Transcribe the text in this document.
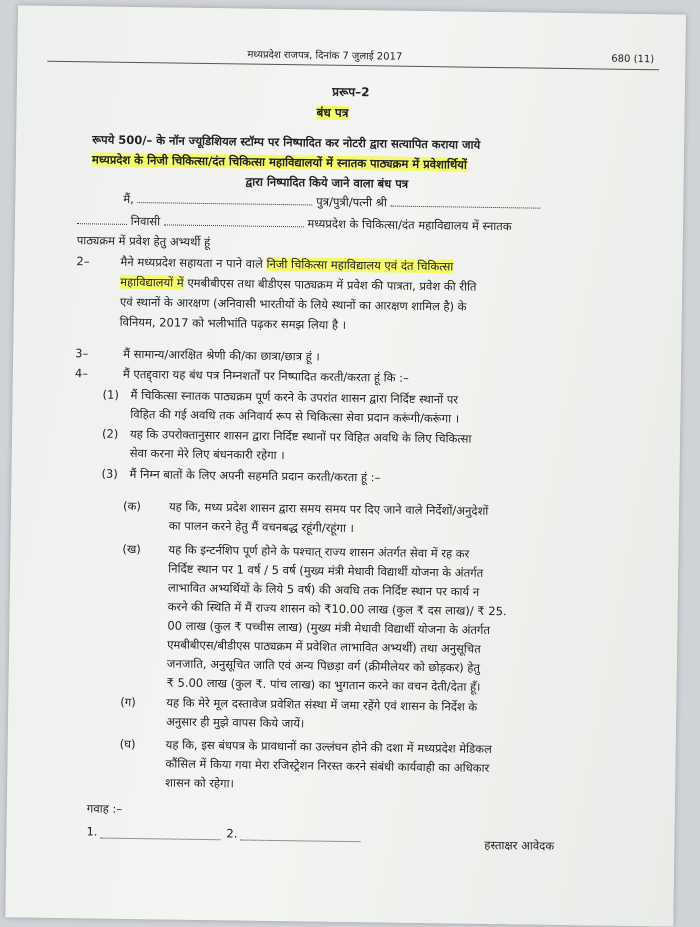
मध्यप्रदेश राजपत्र, दिनांक 7 जुलाई 2017	680 (11)
प्ररूप–2
बंध पत्र
रूपये 500/– के नॉन ज्यूडिशियल स्टॉम्प पर निष्पादित कर नोटरी द्वारा सत्यापित कराया जाये
मध्यप्रदेश के निजी चिकित्सा/दंत चिकित्सा महाविद्यालयों में स्नातक पाठ्यक्रम में प्रवेशार्थियों
द्वारा निष्पादित किये जाने वाला बंध पत्र
मैं,	पुत्र/पुत्री/पत्नी श्री
निवासी	मध्यप्रदेश के चिकित्सा/दंत महाविद्यालय में स्नातक
पाठ्यक्रम में प्रवेश हेतु अभ्यर्थी हूं
2–	मैने मध्यप्रदेश सहायता न पाने वाले निजी चिकित्सा महाविद्यालय एवं दंत चिकित्सा
महाविद्यालयों में एमबीबीएस तथा बीडीएस पाठ्यक्रम में प्रवेश की पात्रता, प्रवेश की रीति
एवं स्थानों के आरक्षण (अनिवासी भारतीयों के लिये स्थानों का आरक्षण शामिल है) के
विनियम, 2017 को भलीभांति पढ़कर समझ लिया है ।
3–	मैं सामान्य/आरक्षित श्रेणी की/का छात्रा/छात्र हूं ।
4–	मैं एतद्द्वारा यह बंध पत्र निम्नशर्तों पर निष्पादित करती/करता हूं कि :–
(1) मैं चिकित्सा स्नातक पाठ्यक्रम पूर्ण करने के उपरांत शासन द्वारा निर्दिष्ट स्थानों पर
विहित की गई अवधि तक अनिवार्य रूप से चिकित्सा सेवा प्रदान करूंगी/करूंगा ।
(2) यह कि उपरोक्तानुसार शासन द्वारा निर्दिष्ट स्थानों पर विहित अवधि के लिए चिकित्सा
सेवा करना मेरे लिए बंधनकारी रहेगा ।
(3) मैं निम्न बातों के लिए अपनी सहमति प्रदान करती/करता हूं :–
(क) यह कि, मध्य प्रदेश शासन द्वारा समय समय पर दिए जाने वाले निर्देशों/अनुदेशों
का पालन करने हेतु मैं वचनबद्ध रहूंगी/रहूंगा ।
(ख) यह कि इन्टर्नशिप पूर्ण होने के पश्चात् राज्य शासन अंतर्गत सेवा में रह कर
निर्दिष्ट स्थान पर 1 वर्ष / 5 वर्ष (मुख्य मंत्री मेधावी विद्यार्थी योजना के अंतर्गत
लाभावित अभ्यर्थियों के लिये 5 वर्ष) की अवधि तक निर्दिष्ट स्थान पर कार्य न
करने की स्थिति में मैं राज्य शासन को ₹10.00 लाख (कुल ₹ दस लाख)/ ₹ 25.
00 लाख (कुल ₹ पच्चीस लाख) (मुख्य मंत्री मेधावी विद्यार्थी योजना के अंतर्गत
एमबीबीएस/बीडीएस पाठ्यक्रम में प्रवेशित लाभावित अभ्यर्थी) तथा अनुसूचित
जनजाति, अनुसूचित जाति एवं अन्य पिछड़ा वर्ग (क्रीमीलेयर को छोड़कर) हेतु
₹ 5.00 लाख (कुल ₹. पांच लाख) का भुगतान करने का वचन देती/देता हूँ।
(ग)	यह कि मेरे मूल दस्तावेज प्रवेशित संस्था में जमा रहेंगे एवं शासन के निर्देश के
अनुसार ही मुझे वापस किये जायें।
(घ)	यह कि, इस बंधपत्र के प्रावधानों का उल्लंघन होने की दशा में मध्यप्रदेश मेडिकल
कौंसिल में किया गया मेरा रजिस्ट्रेशन निरस्त करने संबंधी कार्यवाही का अधिकार
शासन को रहेगा।
गवाह :–
1.	2.
हस्ताक्षर आवेदक
